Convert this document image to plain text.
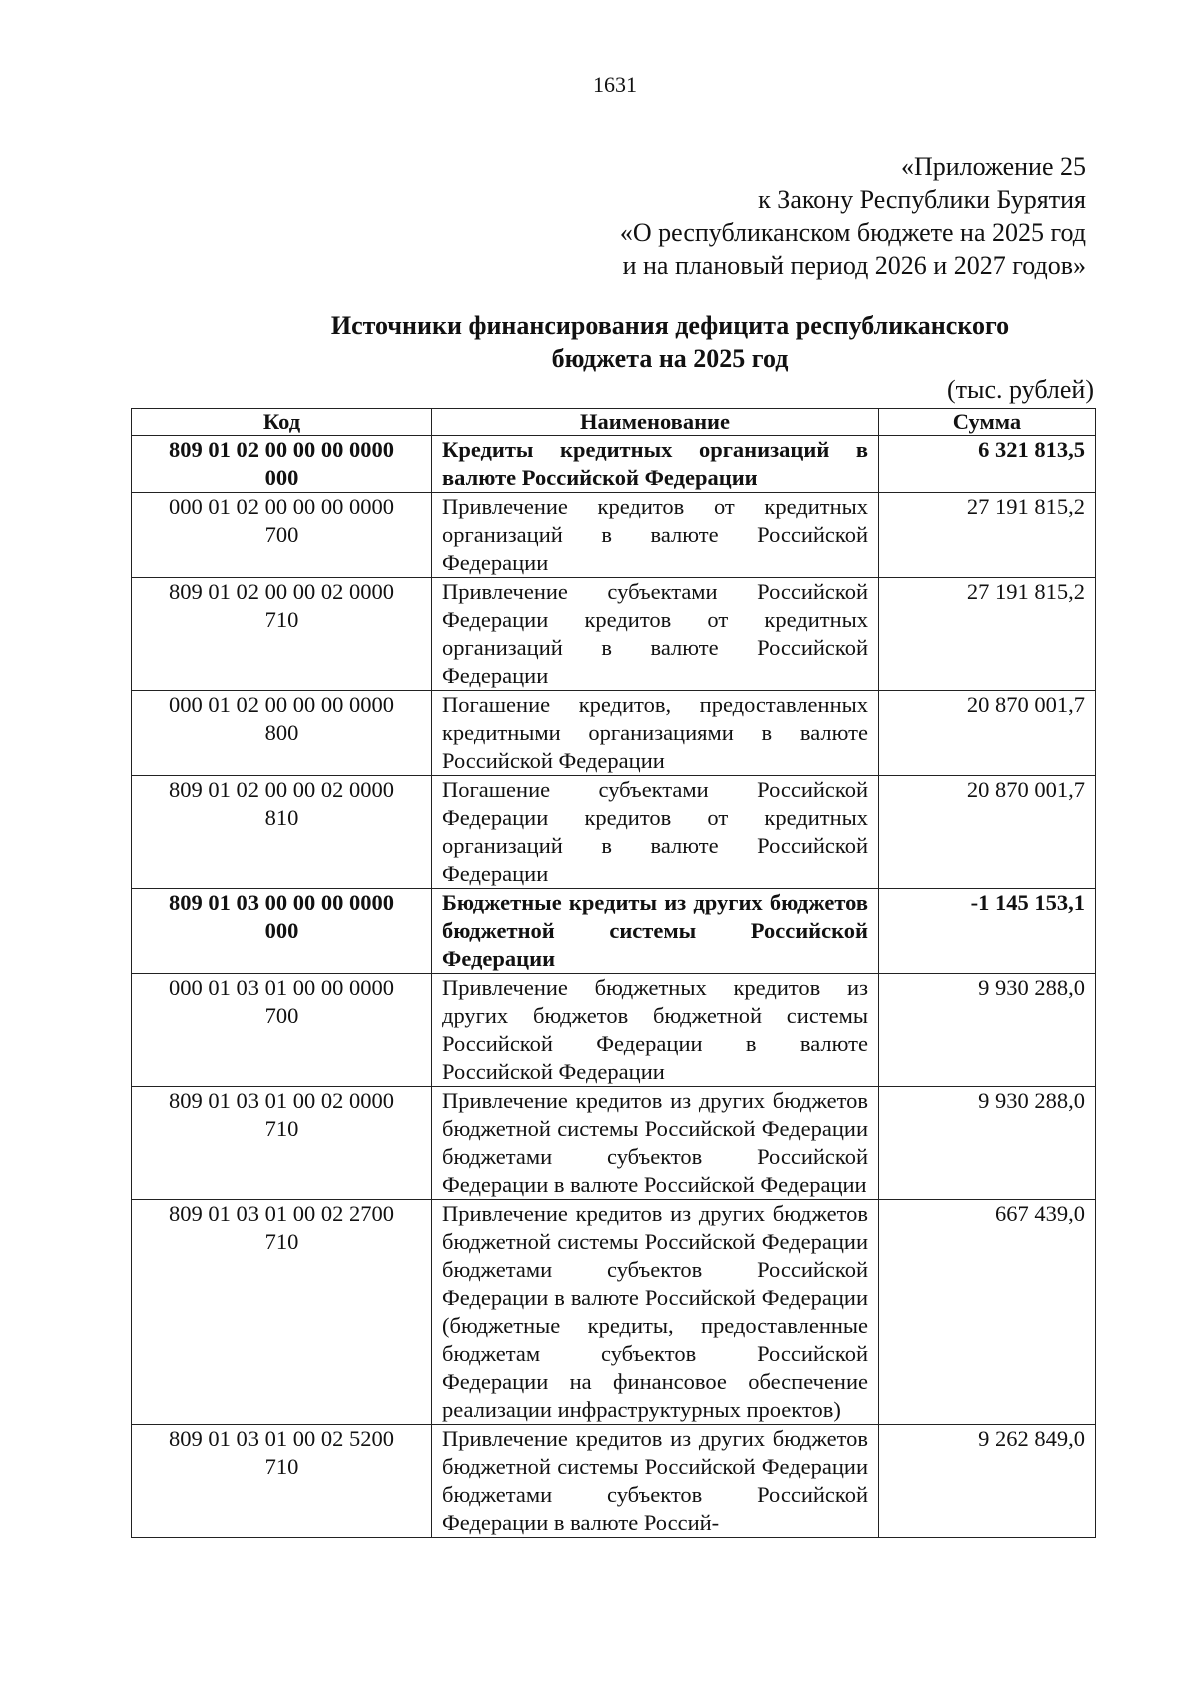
1631
«Приложение 25
к Закону Республики Бурятия
«О республиканском бюджете на 2025 год
и на плановый период 2026 и 2027 годов»
Источники финансирования дефицита республиканского
бюджета на 2025 год
(тыс. рублей)
Код	Наименование	Сумма

809 01 02 00 00 00 0000
000	Кредиты кредитных организаций в валюте Российской Федерации	6 321 813,5

000 01 02 00 00 00 0000
700	Привлечение кредитов от кредитных организаций в валюте Российской Федерации	27 191 815,2

809 01 02 00 00 02 0000
710	Привлечение субъектами Российской Федерации кредитов от кредитных организаций в валюте Российской Федерации	27 191 815,2

000 01 02 00 00 00 0000
800	Погашение кредитов, предоставленных кредитными организациями в валюте Российской Федерации	20 870 001,7

809 01 02 00 00 02 0000
810	Погашение субъектами Российской Федерации кредитов от кредитных организаций в валюте Российской Федерации	20 870 001,7

809 01 03 00 00 00 0000
000	Бюджетные кредиты из других бюджетов бюджетной системы Российской Федерации	-1 145 153,1

000 01 03 01 00 00 0000
700	Привлечение бюджетных кредитов из других бюджетов бюджетной системы Российской Федерации в валюте Российской Федерации	9 930 288,0

809 01 03 01 00 02 0000
710	Привлечение кредитов из других бюджетов бюджетной системы Российской Федерации бюджетами субъектов Российской Федерации в валюте Российской Федерации	9 930 288,0

809 01 03 01 00 02 2700
710	Привлечение кредитов из других бюджетов бюджетной системы Российской Федерации бюджетами субъектов Российской Федерации в валюте Российской Федерации (бюджетные кредиты, предоставленные бюджетам субъектов Российской Федерации на финансовое обеспечение реализации инфраструктурных проектов)	667 439,0

809 01 03 01 00 02 5200
710	Привлечение кредитов из других бюджетов бюджетной системы Российской Федерации бюджетами субъектов Российской Федерации в валюте Россий-	9 262 849,0
